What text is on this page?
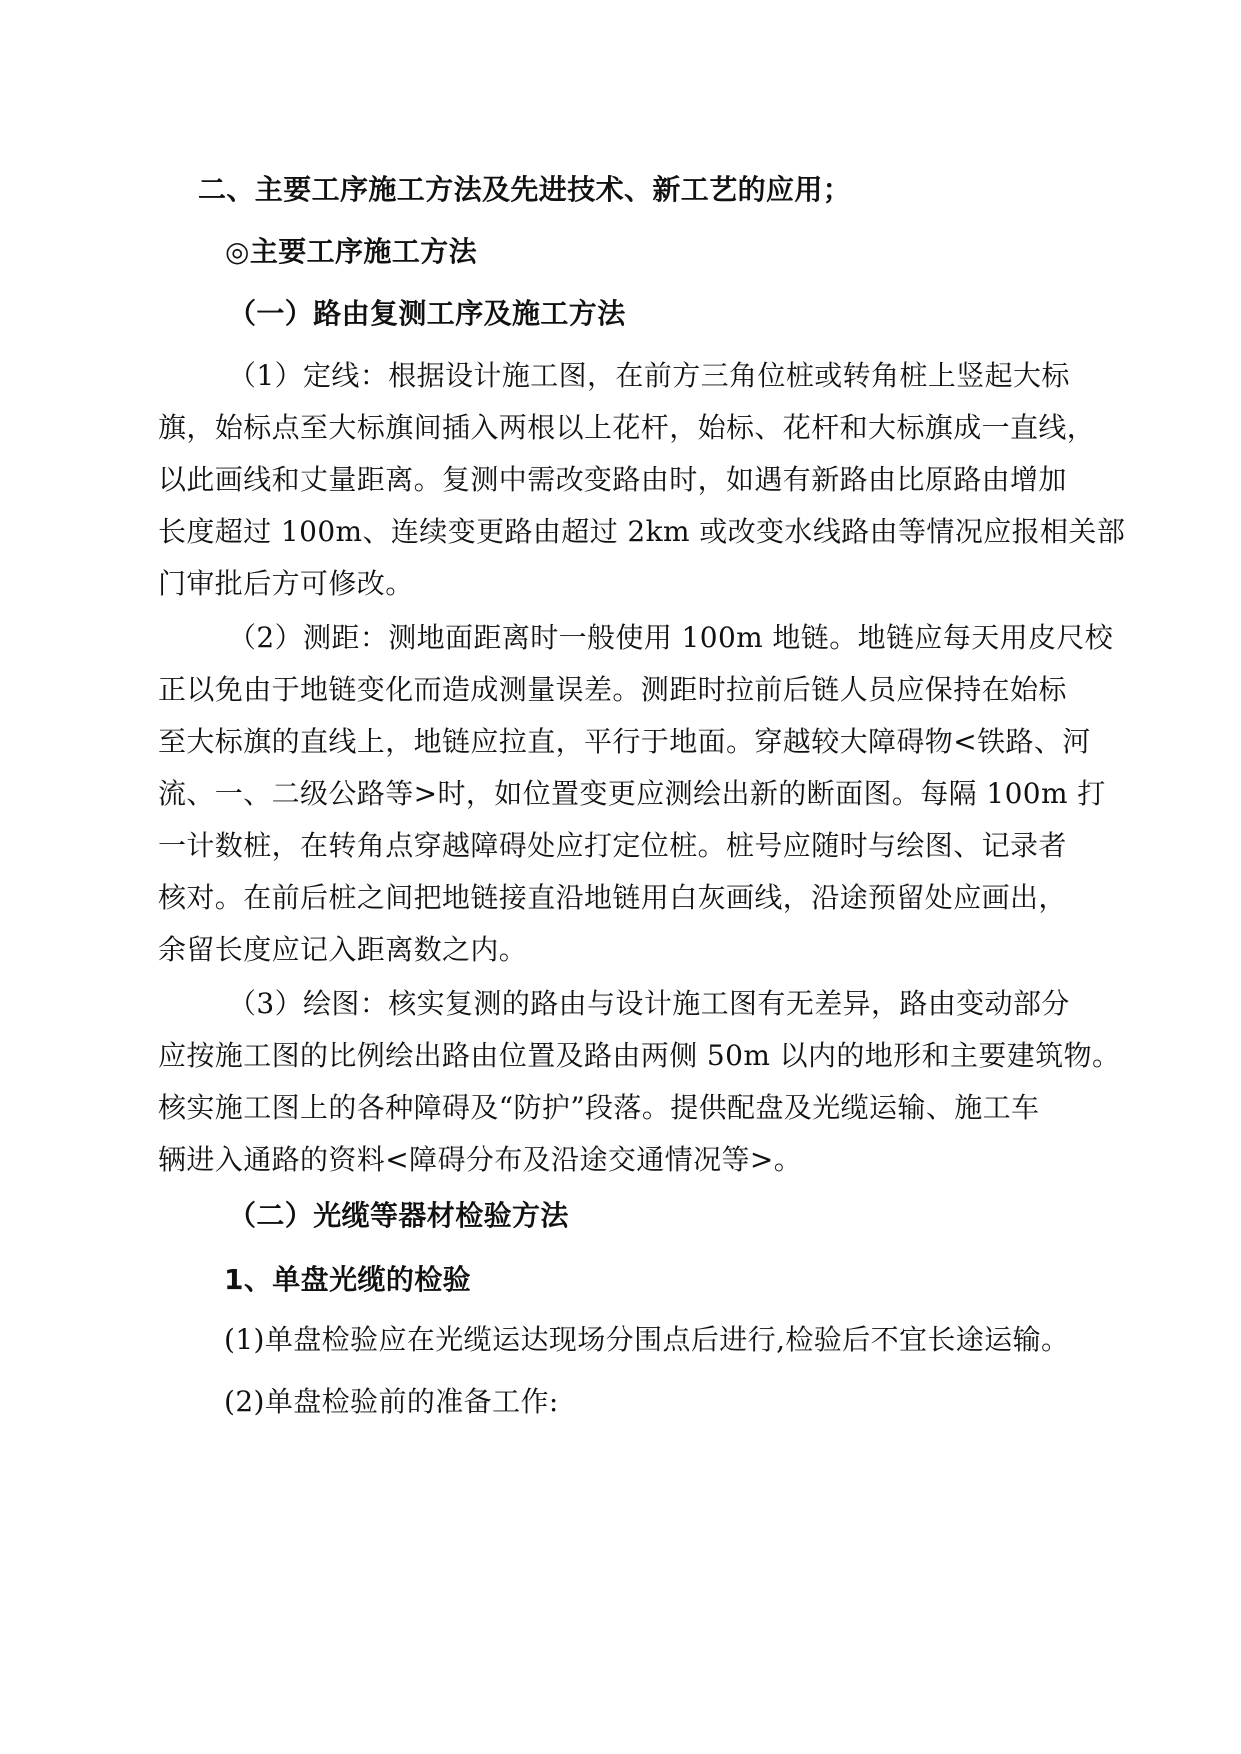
二、主要工序施工方法及先进技术、新工艺的应用；
◎主要工序施工方法
（一）路由复测工序及施工方法
（1）定线：根据设计施工图，在前方三角位桩或转角桩上竖起大标
旗，始标点至大标旗间插入两根以上花杆，始标、花杆和大标旗成一直线，
以此画线和丈量距离。复测中需改变路由时，如遇有新路由比原路由增加
长度超过 100m、连续变更路由超过 2km 或改变水线路由等情况应报相关部
门审批后方可修改。
（2）测距：测地面距离时一般使用 100m 地链。地链应每天用皮尺校
正以免由于地链变化而造成测量误差。测距时拉前后链人员应保持在始标
至大标旗的直线上，地链应拉直，平行于地面。穿越较大障碍物<铁路、河
流、一、二级公路等>时，如位置变更应测绘出新的断面图。每隔 100m 打
一计数桩，在转角点穿越障碍处应打定位桩。桩号应随时与绘图、记录者
核对。在前后桩之间把地链接直沿地链用白灰画线，沿途预留处应画出，
余留长度应记入距离数之内。
（3）绘图：核实复测的路由与设计施工图有无差异，路由变动部分
应按施工图的比例绘出路由位置及路由两侧 50m 以内的地形和主要建筑物。
核实施工图上的各种障碍及“防护”段落。提供配盘及光缆运输、施工车
辆进入通路的资料<障碍分布及沿途交通情况等>。
（二）光缆等器材检验方法
1、单盘光缆的检验
(1)单盘检验应在光缆运达现场分围点后进行,检验后不宜长途运输。
(2)单盘检验前的准备工作:
